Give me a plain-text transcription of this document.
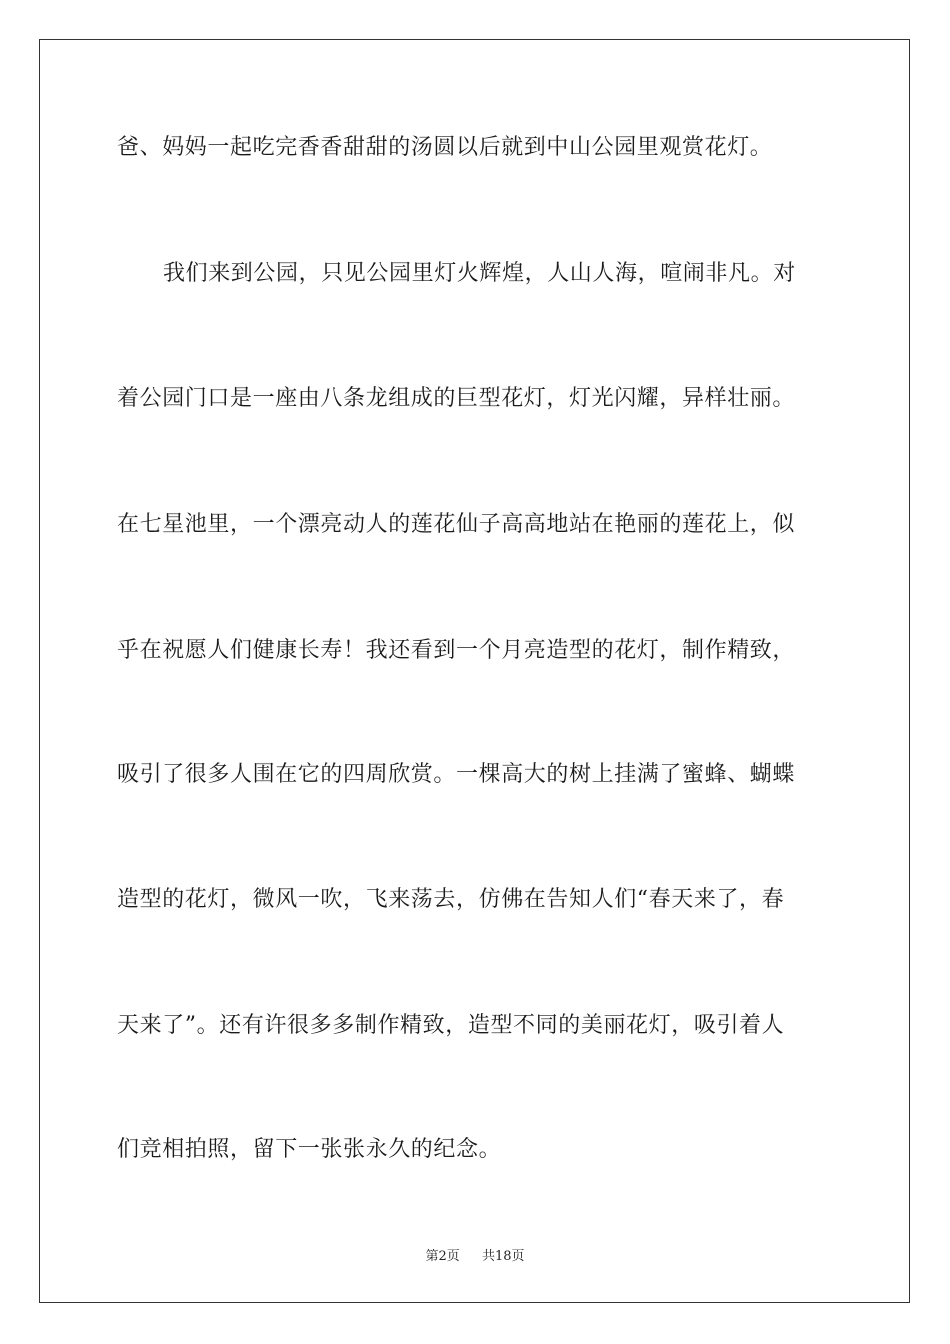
爸、妈妈一起吃完香香甜甜的汤圆以后就到中山公园里观赏花灯。
我们来到公园，只见公园里灯火辉煌，人山人海，喧闹非凡。对
着公园门口是一座由八条龙组成的巨型花灯，灯光闪耀，异样壮丽。
在七星池里，一个漂亮动人的莲花仙子高高地站在艳丽的莲花上，似
乎在祝愿人们健康长寿！我还看到一个月亮造型的花灯，制作精致，
吸引了很多人围在它的四周欣赏。一棵高大的树上挂满了蜜蜂、蝴蝶
造型的花灯，微风一吹，飞来荡去，仿佛在告知人们“春天来了，春
天来了”。还有许很多多制作精致，造型不同的美丽花灯，吸引着人
们竞相拍照，留下一张张永久的纪念。
第2页 共18页
